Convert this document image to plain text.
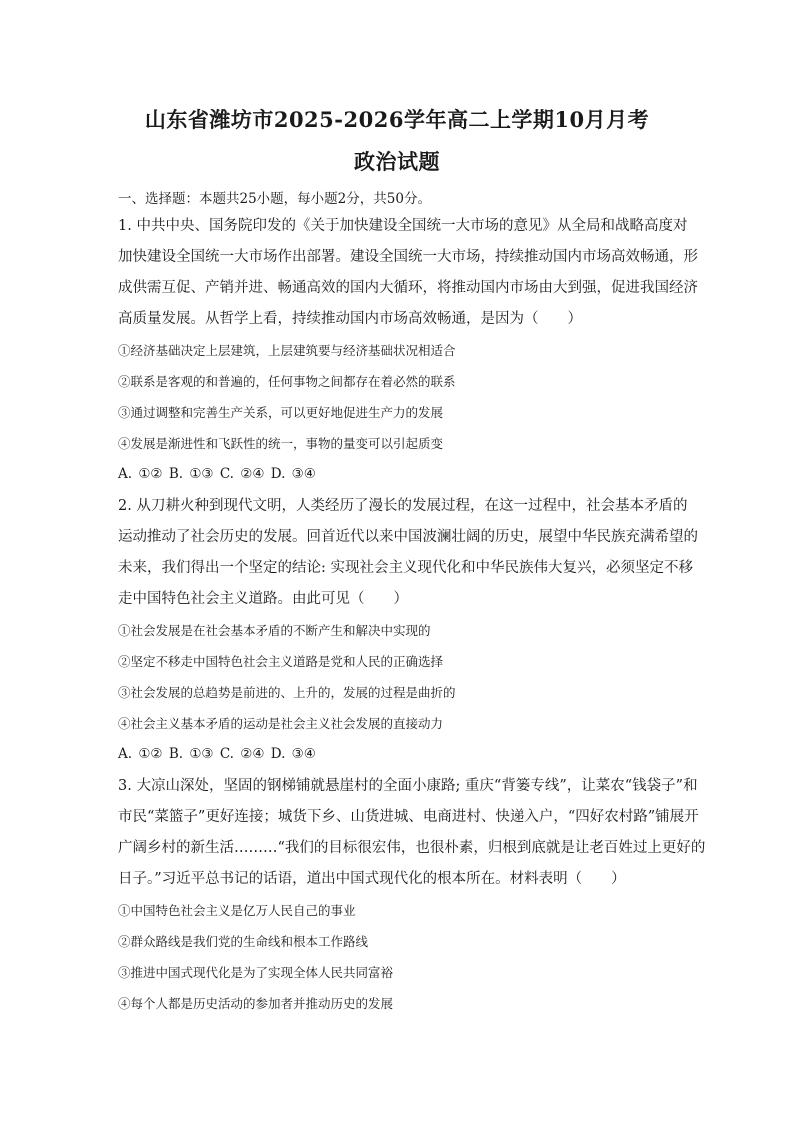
山东省潍坊市2025-2026学年高二上学期10月月考
政治试题
一、选择题：本题共25小题，每小题2分，共50分。
1. 中共中央、国务院印发的《关于加快建设全国统一大市场的意见》从全局和战略高度对
加快建设全国统一大市场作出部署。建设全国统一大市场，持续推动国内市场高效畅通，形
成供需互促、产销并进、畅通高效的国内大循环，将推动国内市场由大到强，促进我国经济
高质量发展。从哲学上看，持续推动国内市场高效畅通，是因为（　　）
①经济基础决定上层建筑，上层建筑要与经济基础状况相适合
②联系是客观的和普遍的，任何事物之间都存在着必然的联系
③通过调整和完善生产关系，可以更好地促进生产力的发展
④发展是渐进性和飞跃性的统一，事物的量变可以引起质变
A. ①② B. ①③ C. ②④ D. ③④
2. 从刀耕火种到现代文明，人类经历了漫长的发展过程，在这一过程中，社会基本矛盾的
运动推动了社会历史的发展。回首近代以来中国波澜壮阔的历史，展望中华民族充满希望的
未来，我们得出一个坚定的结论: 实现社会主义现代化和中华民族伟大复兴，必须坚定不移
走中国特色社会主义道路。由此可见（　　）
①社会发展是在社会基本矛盾的不断产生和解决中实现的
②坚定不移走中国特色社会主义道路是党和人民的正确选择
③社会发展的总趋势是前进的、上升的，发展的过程是曲折的
④社会主义基本矛盾的运动是社会主义社会发展的直接动力
A. ①② B. ①③ C. ②④ D. ③④
3. 大凉山深处，坚固的钢梯铺就悬崖村的全面小康路; 重庆“背篓专线”，让菜农“钱袋子”和
市民“菜篮子”更好连接；城货下乡、山货进城、电商进村、快递入户，“四好农村路”铺展开
广阔乡村的新生活………“我们的目标很宏伟，也很朴素，归根到底就是让老百姓过上更好的
日子。”习近平总书记的话语，道出中国式现代化的根本所在。材料表明（　　）
①中国特色社会主义是亿万人民自己的事业
②群众路线是我们党的生命线和根本工作路线
③推进中国式现代化是为了实现全体人民共同富裕
④每个人都是历史活动的参加者并推动历史的发展
